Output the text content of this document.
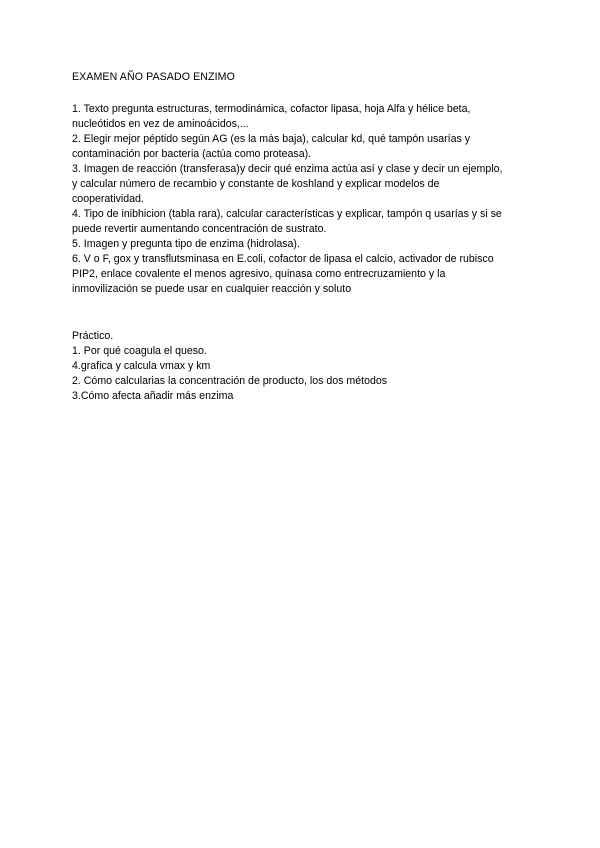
EXAMEN AÑO PASADO ENZIMO

1. Texto pregunta estructuras, termodinámica, cofactor lipasa, hoja Alfa y hélice beta,

nucleótidos en vez de aminoácidos,...

2. Elegir mejor péptido según AG (es la más baja), calcular kd, qué tampón usarías y

contaminación por bacteria (actúa como proteasa).

3. Imagen de reacción (transferasa)y decir qué enzima actúa así y clase y decir un ejemplo,

y calcular número de recambio y constante de koshland y explicar modelos de

cooperatividad.

4. Tipo de inibhicion (tabla rara), calcular características y explicar, tampón q usarías y si se

puede revertir aumentando concentración de sustrato.

5. Imagen y pregunta tipo de enzima (hidrolasa).

6. V o F, gox y transflutsminasa en E.coli, cofactor de lipasa el calcio, activador de rubisco

PIP2, enlace covalente el menos agresivo, quinasa como entrecruzamiento y la

inmovilización se puede usar en cualquier reacción y soluto

Práctico.

1. Por qué coagula el queso.

4.grafica y calcula vmax y km

2. Cómo calcularias la concentración de producto, los dos métodos

3.Cómo afecta añadir más enzima
